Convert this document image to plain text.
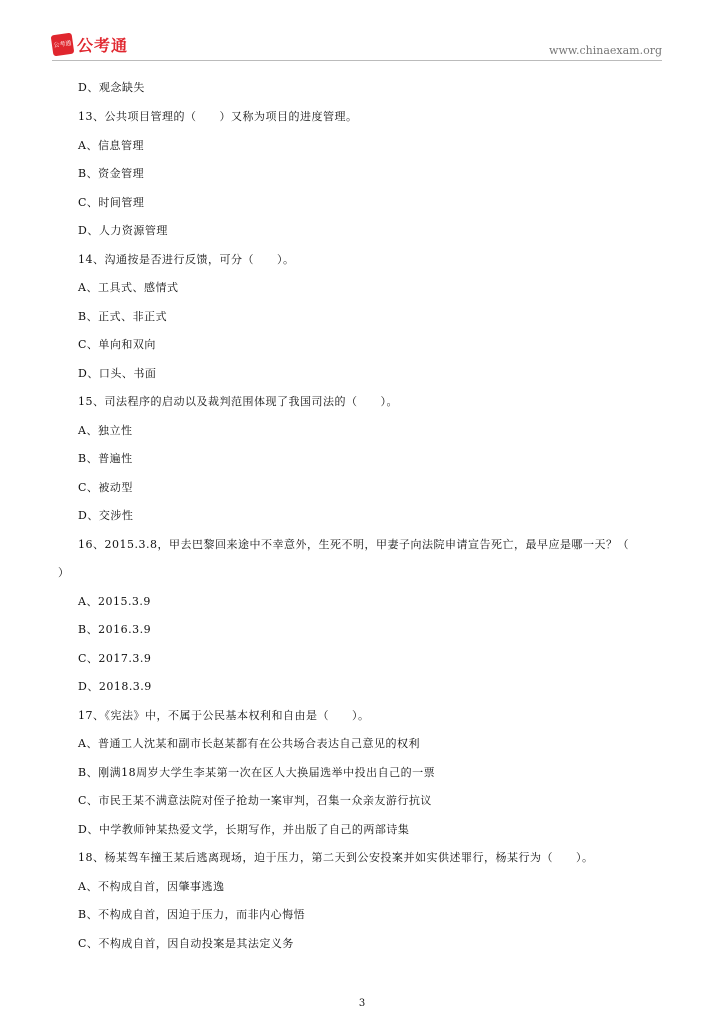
公考通 公考通	www.chinaexam.org
D、观念缺失
13、公共项目管理的（　　）又称为项目的进度管理。
A、信息管理
B、资金管理
C、时间管理
D、人力资源管理
14、沟通按是否进行反馈，可分（　　）。
A、工具式、感情式
B、正式、非正式
C、单向和双向
D、口头、书面
15、司法程序的启动以及裁判范围体现了我国司法的（　　）。
A、独立性
B、普遍性
C、被动型
D、交涉性
16、2015.3.8，甲去巴黎回来途中不幸意外，生死不明，甲妻子向法院申请宣告死亡，最早应是哪一天？（
）
A、2015.3.9
B、2016.3.9
C、2017.3.9
D、2018.3.9
17、《宪法》中，不属于公民基本权利和自由是（　　）。
A、普通工人沈某和副市长赵某都有在公共场合表达自己意见的权利
B、刚满18周岁大学生李某第一次在区人大换届选举中投出自己的一票
C、市民王某不满意法院对侄子抢劫一案审判，召集一众亲友游行抗议
D、中学教师钟某热爱文学，长期写作，并出版了自己的两部诗集
18、杨某驾车撞王某后逃离现场，迫于压力，第二天到公安投案并如实供述罪行，杨某行为（　　）。
A、不构成自首，因肇事逃逸
B、不构成自首，因迫于压力，而非内心悔悟
C、不构成自首，因自动投案是其法定义务
3
